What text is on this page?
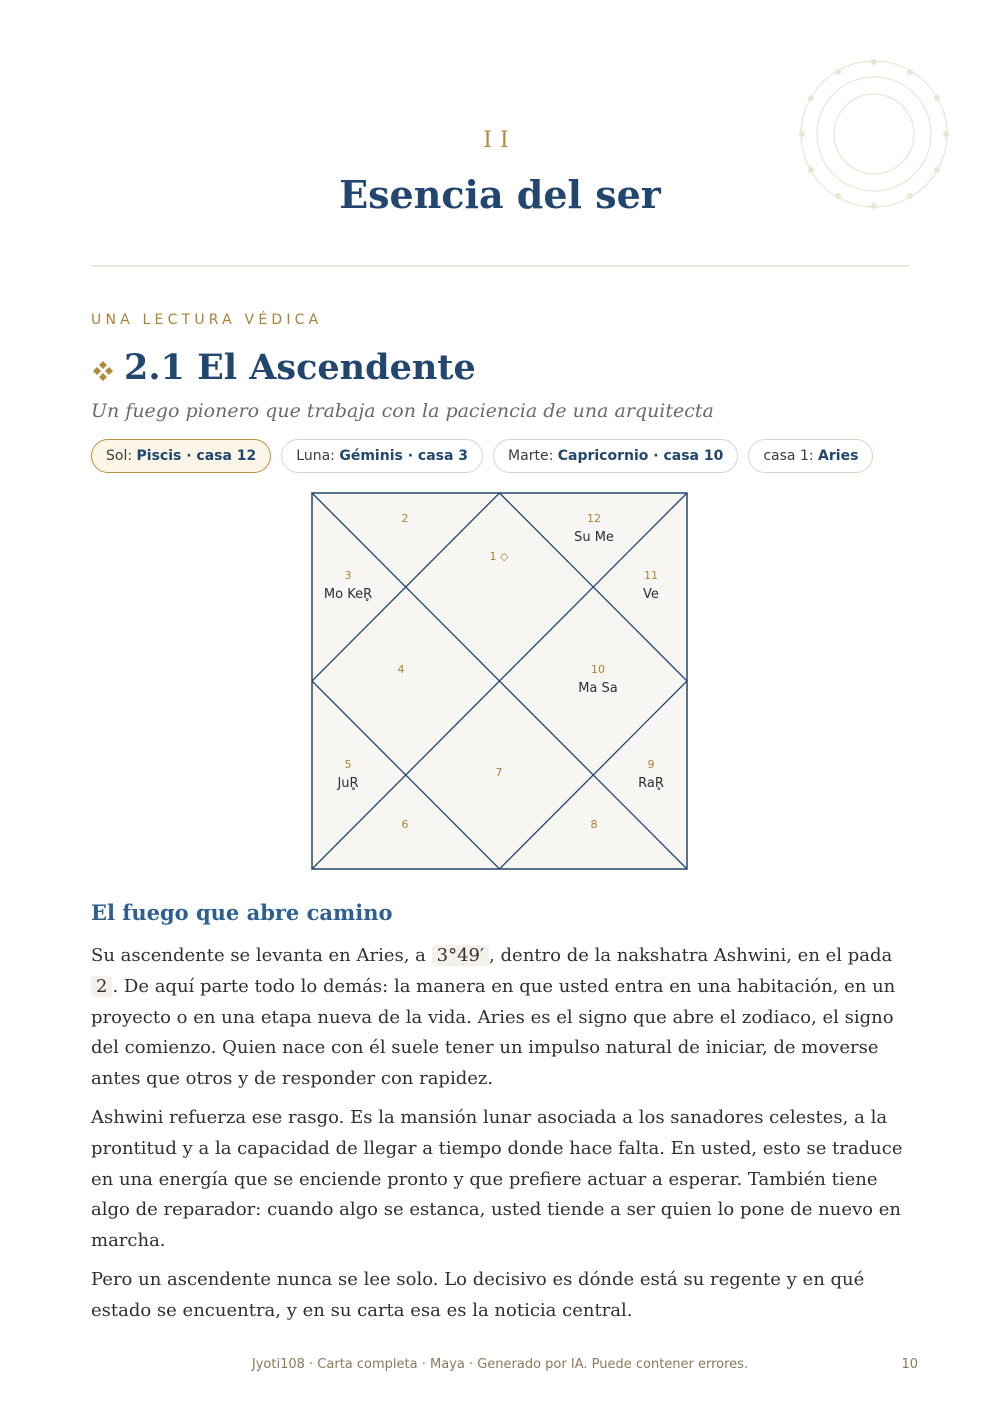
II
Esencia del ser
UNA LECTURA VÉDICA
2.1 El Ascendente
Un fuego pionero que trabaja con la paciencia de una arquitecta
Sol: Piscis · casa 12	Luna: Géminis · casa 3	Marte: Capricornio · casa 10	casa 1: Aries
1 ◇
2
3
Mo KeR̥
4
5
JuR̥
6
7
8
9
RaR̥
10
Ma Sa
11
Ve
12
Su Me
El fuego que abre camino

Su ascendente se levanta en Aries, a 3°49′ , dentro de la nakshatra Ashwini, en el pada 2 . De aquí parte todo lo demás: la manera en que usted entra en una habitación, en un proyecto o en una etapa nueva de la vida. Aries es el signo que abre el zodiaco, el signo del comienzo. Quien nace con él suele tener un impulso natural de iniciar, de moverse antes que otros y de responder con rapidez.

Ashwini refuerza ese rasgo. Es la mansión lunar asociada a los sanadores celestes, a la prontitud y a la capacidad de llegar a tiempo donde hace falta. En usted, esto se traduce en una energía que se enciende pronto y que prefiere actuar a esperar. También tiene algo de reparador: cuando algo se estanca, usted tiende a ser quien lo pone de nuevo en marcha.

Pero un ascendente nunca se lee solo. Lo decisivo es dónde está su regente y en qué estado se encuentra, y en su carta esa es la noticia central.

Jyoti108 · Carta completa · Maya · Generado por IA. Puede contener errores.	10
